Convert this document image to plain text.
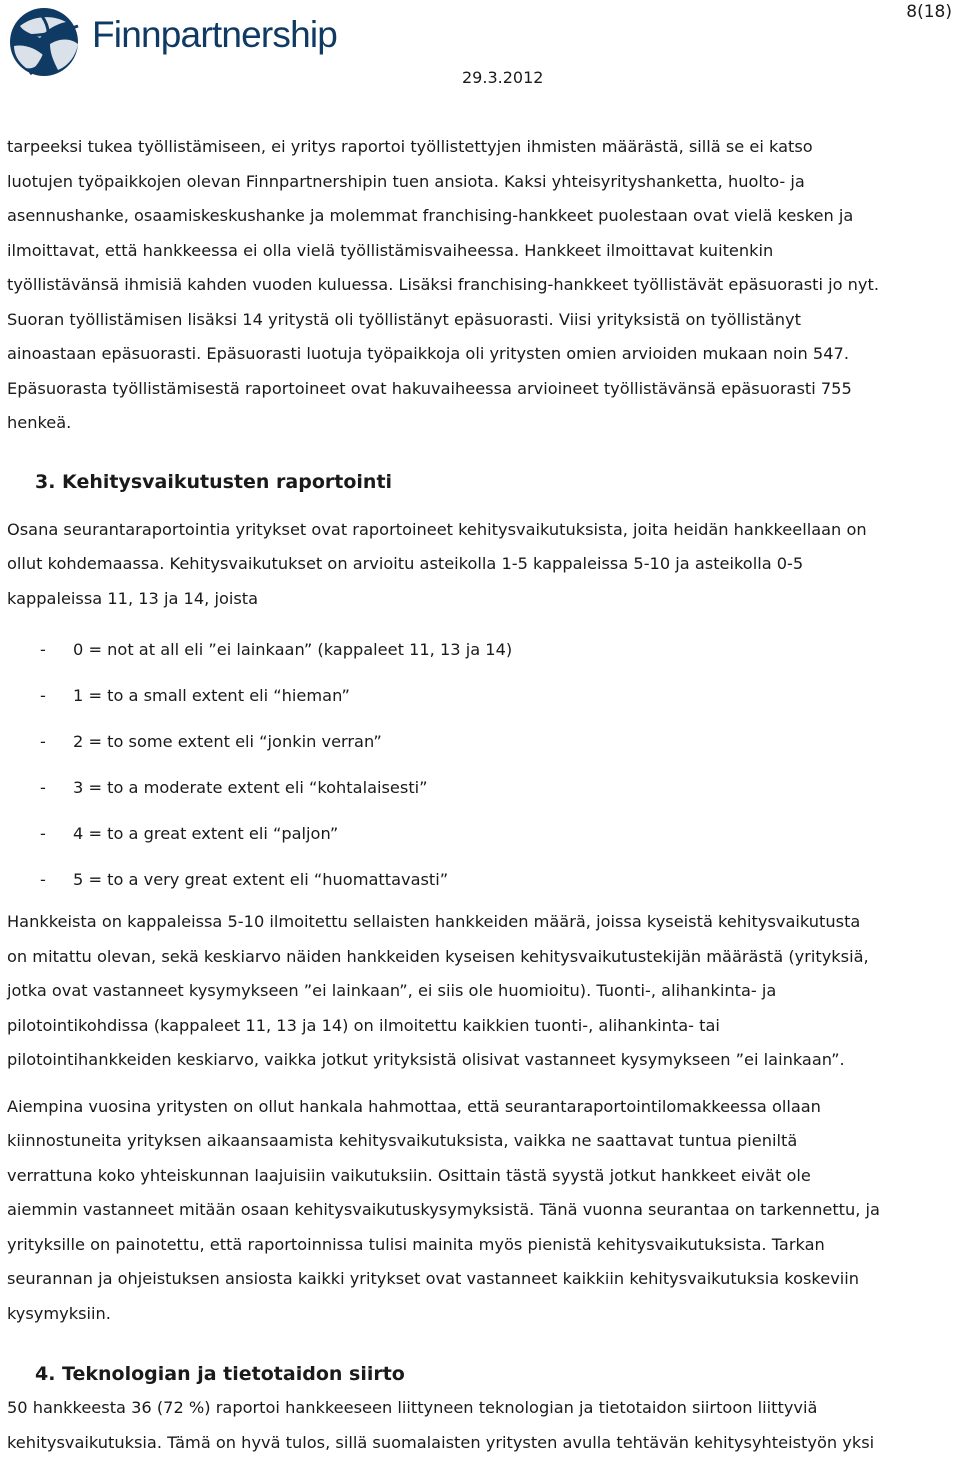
Finnpartnership
8(18)
29.3.2012

tarpeeksi tukea työllistämiseen, ei yritys raportoi työllistettyjen ihmisten määrästä, sillä se ei katso
luotujen työpaikkojen olevan Finnpartnershipin tuen ansiota. Kaksi yhteisyrityshanketta, huolto- ja
asennushanke, osaamiskeskushanke ja molemmat franchising-hankkeet puolestaan ovat vielä kesken ja
ilmoittavat, että hankkeessa ei olla vielä työllistämisvaiheessa. Hankkeet ilmoittavat kuitenkin
työllistävänsä ihmisiä kahden vuoden kuluessa. Lisäksi franchising-hankkeet työllistävät epäsuorasti jo nyt.
Suoran työllistämisen lisäksi 14 yritystä oli työllistänyt epäsuorasti. Viisi yrityksistä on työllistänyt
ainoastaan epäsuorasti. Epäsuorasti luotuja työpaikkoja oli yritysten omien arvioiden mukaan noin 547.
Epäsuorasta työllistämisestä raportoineet ovat hakuvaiheessa arvioineet työllistävänsä epäsuorasti 755
henkeä.

3. Kehitysvaikutusten raportointi

Osana seurantaraportointia yritykset ovat raportoineet kehitysvaikutuksista, joita heidän hankkeellaan on
ollut kohdemaassa. Kehitysvaikutukset on arvioitu asteikolla 1-5 kappaleissa 5-10 ja asteikolla 0-5
kappaleissa 11, 13 ja 14, joista

- 0 = not at all eli ”ei lainkaan” (kappaleet 11, 13 ja 14)
- 1 = to a small extent eli “hieman”
- 2 = to some extent eli “jonkin verran”
- 3 = to a moderate extent eli “kohtalaisesti”
- 4 = to a great extent eli “paljon”
- 5 = to a very great extent eli “huomattavasti”

Hankkeista on kappaleissa 5-10 ilmoitettu sellaisten hankkeiden määrä, joissa kyseistä kehitysvaikutusta
on mitattu olevan, sekä keskiarvo näiden hankkeiden kyseisen kehitysvaikutustekijän määrästä (yrityksiä,
jotka ovat vastanneet kysymykseen ”ei lainkaan”, ei siis ole huomioitu). Tuonti-, alihankinta- ja
pilotointikohdissa (kappaleet 11, 13 ja 14) on ilmoitettu kaikkien tuonti-, alihankinta- tai
pilotointihankkeiden keskiarvo, vaikka jotkut yrityksistä olisivat vastanneet kysymykseen ”ei lainkaan”.

Aiempina vuosina yritysten on ollut hankala hahmottaa, että seurantaraportointilomakkeessa ollaan
kiinnostuneita yrityksen aikaansaamista kehitysvaikutuksista, vaikka ne saattavat tuntua pieniltä
verrattuna koko yhteiskunnan laajuisiin vaikutuksiin. Osittain tästä syystä jotkut hankkeet eivät ole
aiemmin vastanneet mitään osaan kehitysvaikutuskysymyksistä. Tänä vuonna seurantaa on tarkennettu, ja
yrityksille on painotettu, että raportoinnissa tulisi mainita myös pienistä kehitysvaikutuksista. Tarkan
seurannan ja ohjeistuksen ansiosta kaikki yritykset ovat vastanneet kaikkiin kehitysvaikutuksia koskeviin
kysymyksiin.

4. Teknologian ja tietotaidon siirto

50 hankkeesta 36 (72 %) raportoi hankkeeseen liittyneen teknologian ja tietotaidon siirtoon liittyviä
kehitysvaikutuksia. Tämä on hyvä tulos, sillä suomalaisten yritysten avulla tehtävän kehitysyhteistyön yksi
